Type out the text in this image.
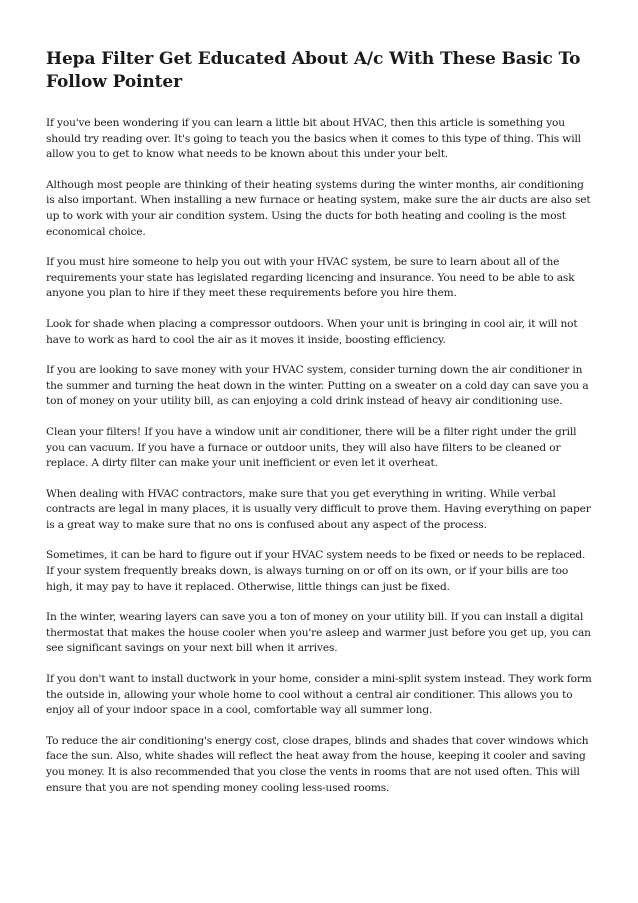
Hepa Filter Get Educated About A/c With These Basic To Follow Pointer

If you've been wondering if you can learn a little bit about HVAC, then this article is something you should try reading over. It's going to teach you the basics when it comes to this type of thing. This will allow you to get to know what needs to be known about this under your belt.

Although most people are thinking of their heating systems during the winter months, air conditioning is also important. When installing a new furnace or heating system, make sure the air ducts are also set up to work with your air condition system. Using the ducts for both heating and cooling is the most economical choice.

If you must hire someone to help you out with your HVAC system, be sure to learn about all of the requirements your state has legislated regarding licencing and insurance. You need to be able to ask anyone you plan to hire if they meet these requirements before you hire them.

Look for shade when placing a compressor outdoors. When your unit is bringing in cool air, it will not have to work as hard to cool the air as it moves it inside, boosting efficiency.

If you are looking to save money with your HVAC system, consider turning down the air conditioner in the summer and turning the heat down in the winter. Putting on a sweater on a cold day can save you a ton of money on your utility bill, as can enjoying a cold drink instead of heavy air conditioning use.

Clean your filters! If you have a window unit air conditioner, there will be a filter right under the grill you can vacuum. If you have a furnace or outdoor units, they will also have filters to be cleaned or replace. A dirty filter can make your unit inefficient or even let it overheat.

When dealing with HVAC contractors, make sure that you get everything in writing. While verbal contracts are legal in many places, it is usually very difficult to prove them. Having everything on paper is a great way to make sure that no ons is confused about any aspect of the process.

Sometimes, it can be hard to figure out if your HVAC system needs to be fixed or needs to be replaced. If your system frequently breaks down, is always turning on or off on its own, or if your bills are too high, it may pay to have it replaced. Otherwise, little things can just be fixed.

In the winter, wearing layers can save you a ton of money on your utility bill. If you can install a digital thermostat that makes the house cooler when you're asleep and warmer just before you get up, you can see significant savings on your next bill when it arrives.

If you don't want to install ductwork in your home, consider a mini-split system instead. They work form the outside in, allowing your whole home to cool without a central air conditioner. This allows you to enjoy all of your indoor space in a cool, comfortable way all summer long.

To reduce the air conditioning's energy cost, close drapes, blinds and shades that cover windows which face the sun. Also, white shades will reflect the heat away from the house, keeping it cooler and saving you money. It is also recommended that you close the vents in rooms that are not used often. This will ensure that you are not spending money cooling less-used rooms.
